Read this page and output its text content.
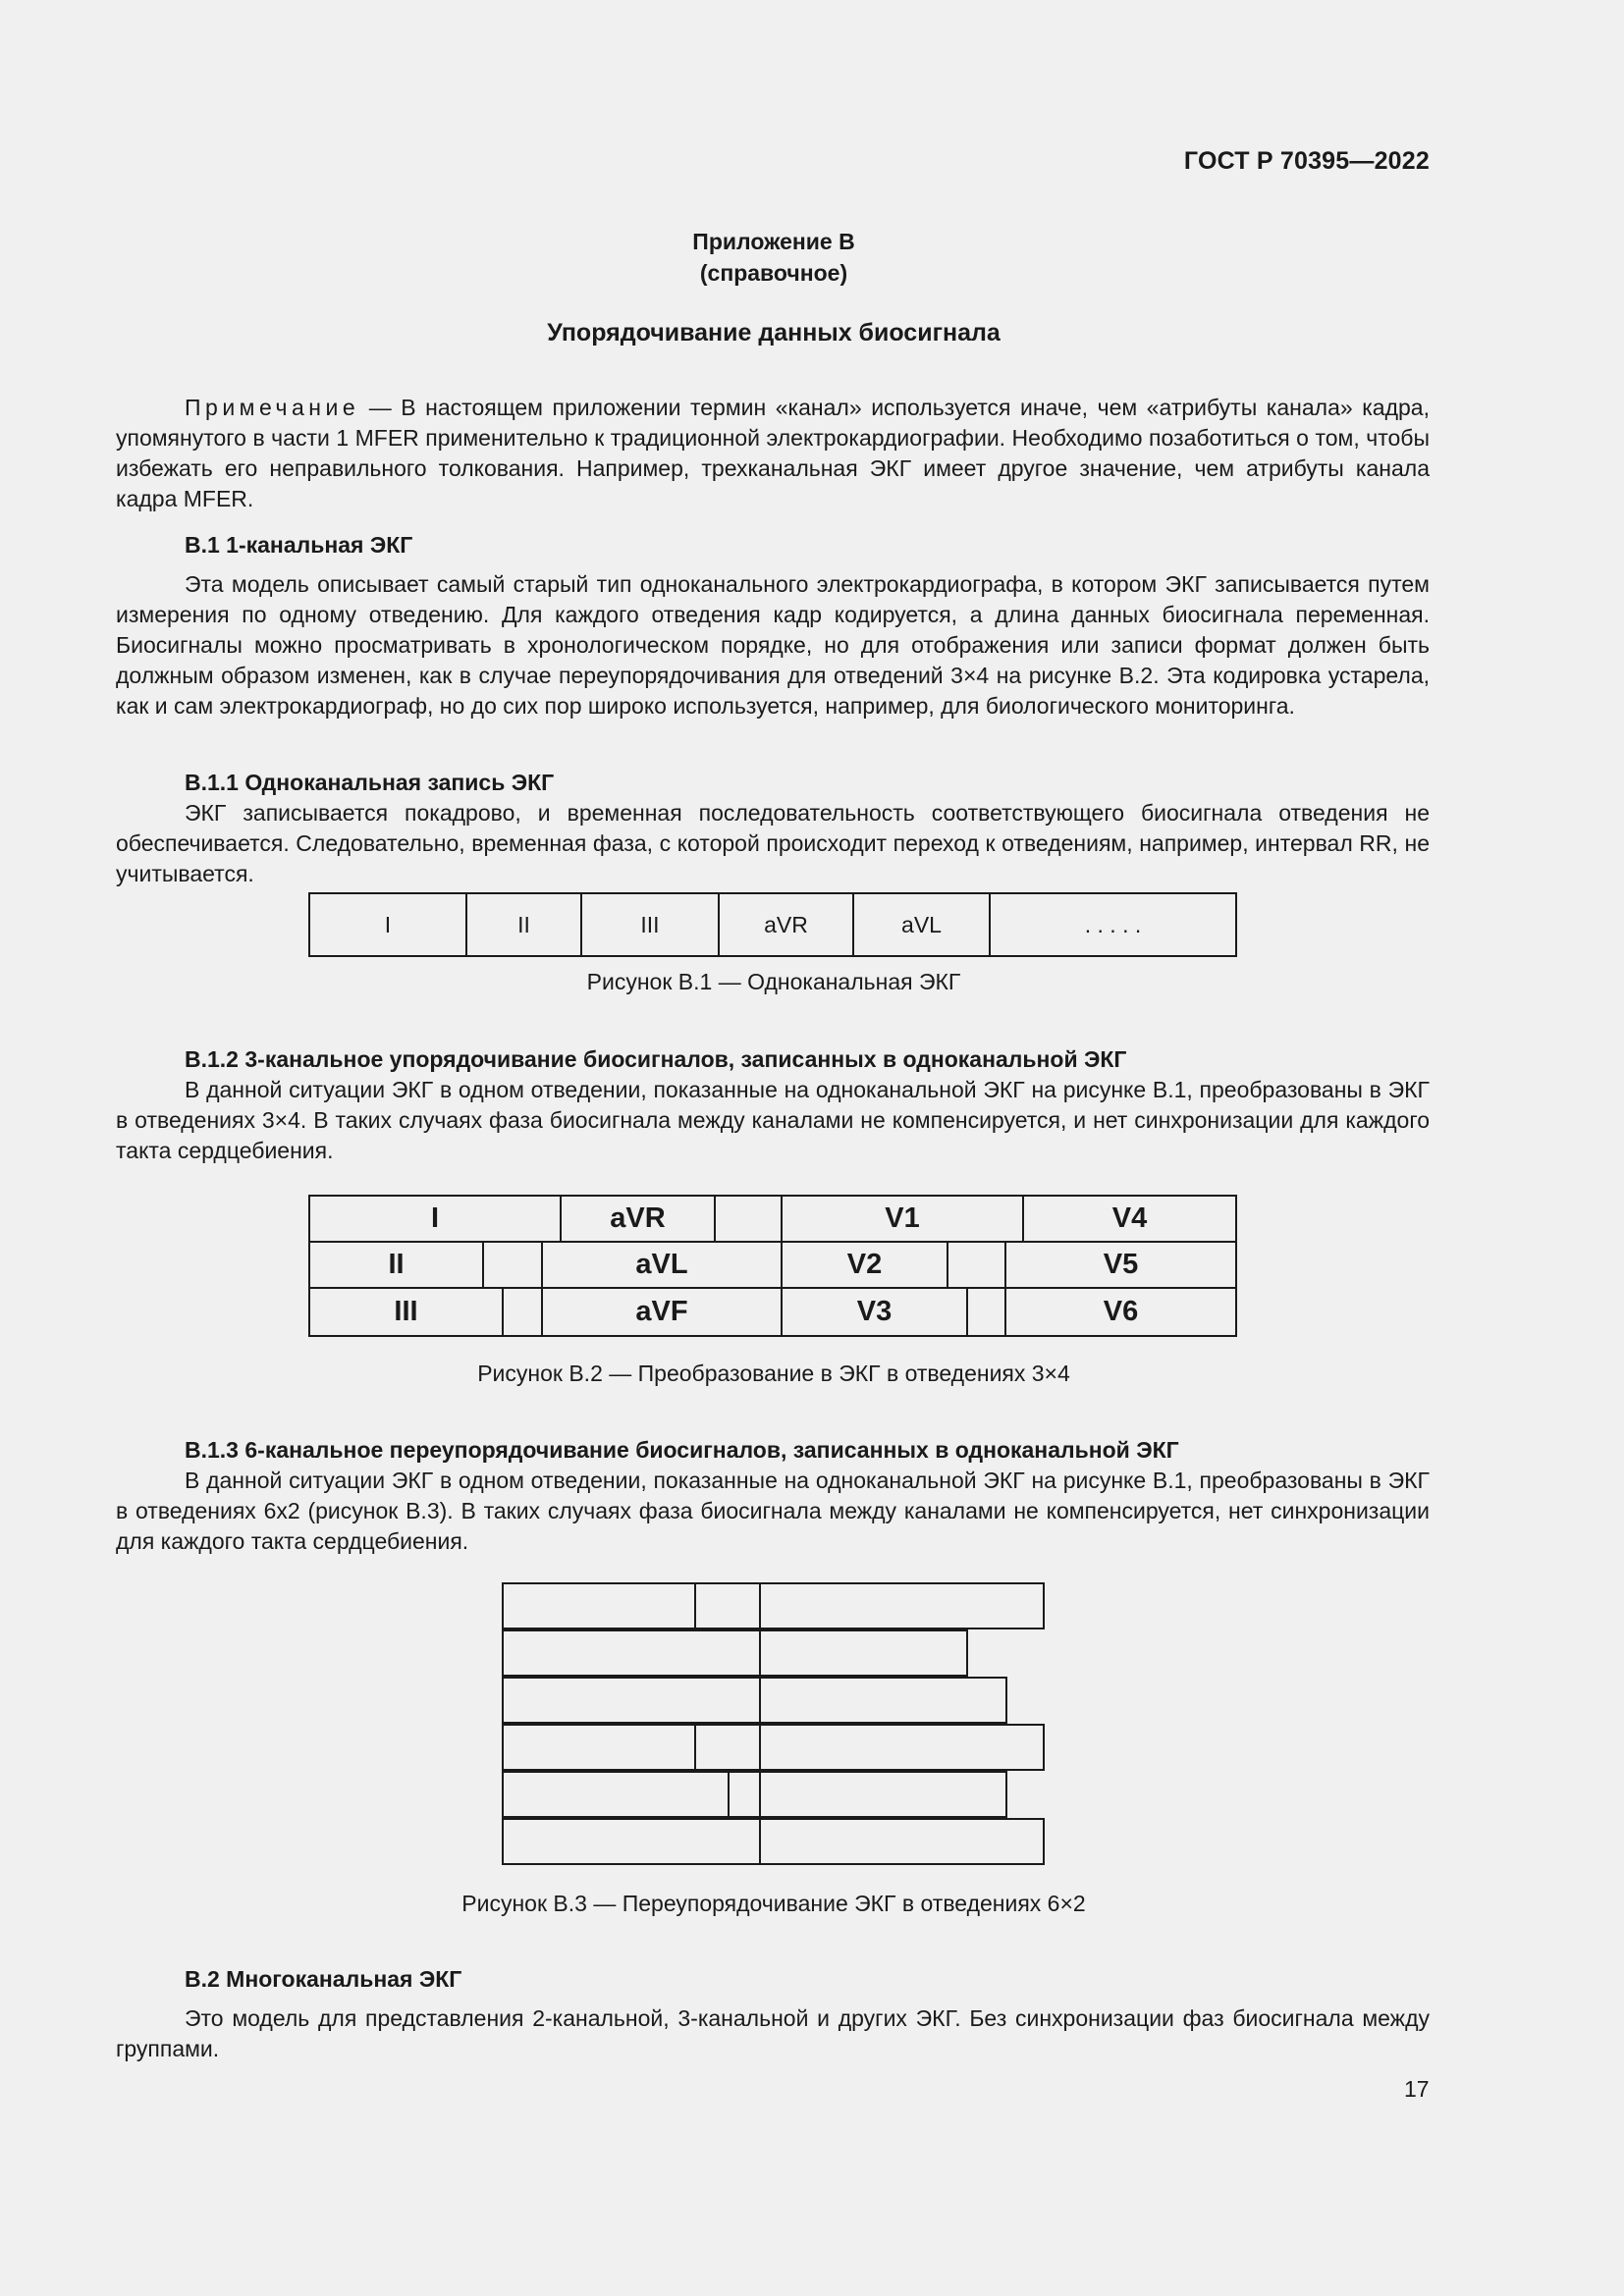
ГОСТ Р 70395—2022
Приложение В
(справочное)
Упорядочивание данных биосигнала

Примечание — В настоящем приложении термин «канал» используется иначе, чем «атрибуты канала» кадра, упомянутого в части 1 MFER применительно к традиционной электрокардиографии. Необходимо позаботиться о том, чтобы избежать его неправильного толкования. Например, трехканальная ЭКГ имеет другое значение, чем атрибуты канала кадра MFER.

В.1 1-канальная ЭКГ

Эта модель описывает самый старый тип одноканального электрокардиографа, в котором ЭКГ записывается путем измерения по одному отведению. Для каждого отведения кадр кодируется, а длина данных биосигнала переменная. Биосигналы можно просматривать в хронологическом порядке, но для отображения или записи формат должен быть должным образом изменен, как в случае переупорядочивания для отведений 3×4 на рисунке В.2. Эта кодировка устарела, как и сам электрокардиограф, но до сих пор широко используется, например, для биологического мониторинга.

В.1.1 Одноканальная запись ЭКГ

ЭКГ записывается покадрово, и временная последовательность соответствующего биосигнала отведения не обеспечивается. Следовательно, временная фаза, с которой происходит переход к отведениям, например, интервал RR, не учитывается.

I	II	III	aVR	aVL	. . . . .
Рисунок В.1 — Одноканальная ЭКГ
В.1.2 3-канальное упорядочивание биосигналов, записанных в одноканальной ЭКГ

В данной ситуации ЭКГ в одном отведении, показанные на одноканальной ЭКГ на рисунке В.1, преобразованы в ЭКГ в отведениях 3×4. В таких случаях фаза биосигнала между каналами не компенсируется, и нет синхронизации для каждого такта сердцебиения.

I	aVR	V1	V4
II	aVL	V2	V5
III	aVF	V3	V6
Рисунок В.2 — Преобразование в ЭКГ в отведениях 3×4
В.1.3 6-канальное переупорядочивание биосигналов, записанных в одноканальной ЭКГ

В данной ситуации ЭКГ в одном отведении, показанные на одноканальной ЭКГ на рисунке В.1, преобразованы в ЭКГ в отведениях 6х2 (рисунок В.3). В таких случаях фаза биосигнала между каналами не компенсируется, нет синхронизации для каждого такта сердцебиения.

Рисунок В.3 — Переупорядочивание ЭКГ в отведениях 6×2
В.2 Многоканальная ЭКГ

Это модель для представления 2-канальной, 3-канальной и других ЭКГ. Без синхронизации фаз биосигнала между группами.

17
